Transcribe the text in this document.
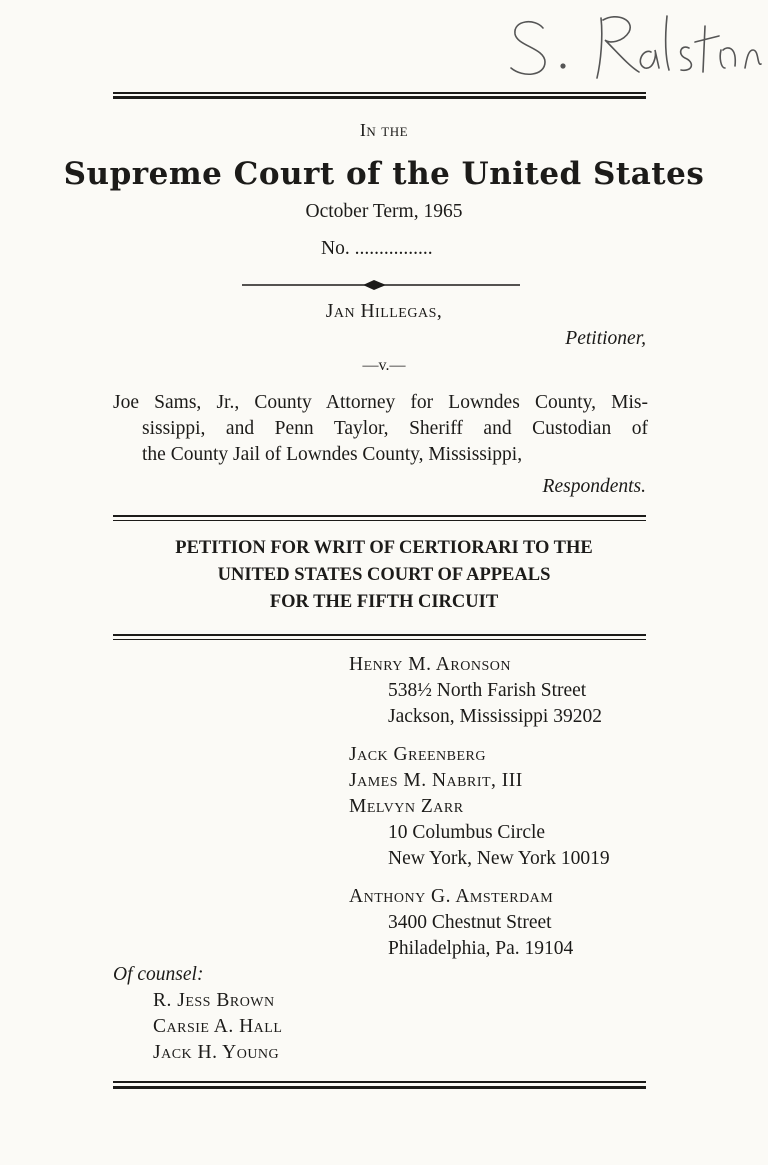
In the
Supreme Court of the United States
October Term, 1965
No. ................
Jan Hillegas,
Petitioner,
—v.—
Joe Sams, Jr., County Attorney for Lowndes County, Mis-
sissippi, and Penn Taylor, Sheriff and Custodian of
the County Jail of Lowndes County, Mississippi,
Respondents.
PETITION FOR WRIT OF CERTIORARI TO THE
UNITED STATES COURT OF APPEALS
FOR THE FIFTH CIRCUIT
Henry M. Aronson
538½ North Farish Street
Jackson, Mississippi 39202
Jack Greenberg
James M. Nabrit, III
Melvyn Zarr
10 Columbus Circle
New York, New York 10019
Anthony G. Amsterdam
3400 Chestnut Street
Philadelphia, Pa. 19104
Of counsel:
R. Jess Brown
Carsie A. Hall
Jack H. Young
